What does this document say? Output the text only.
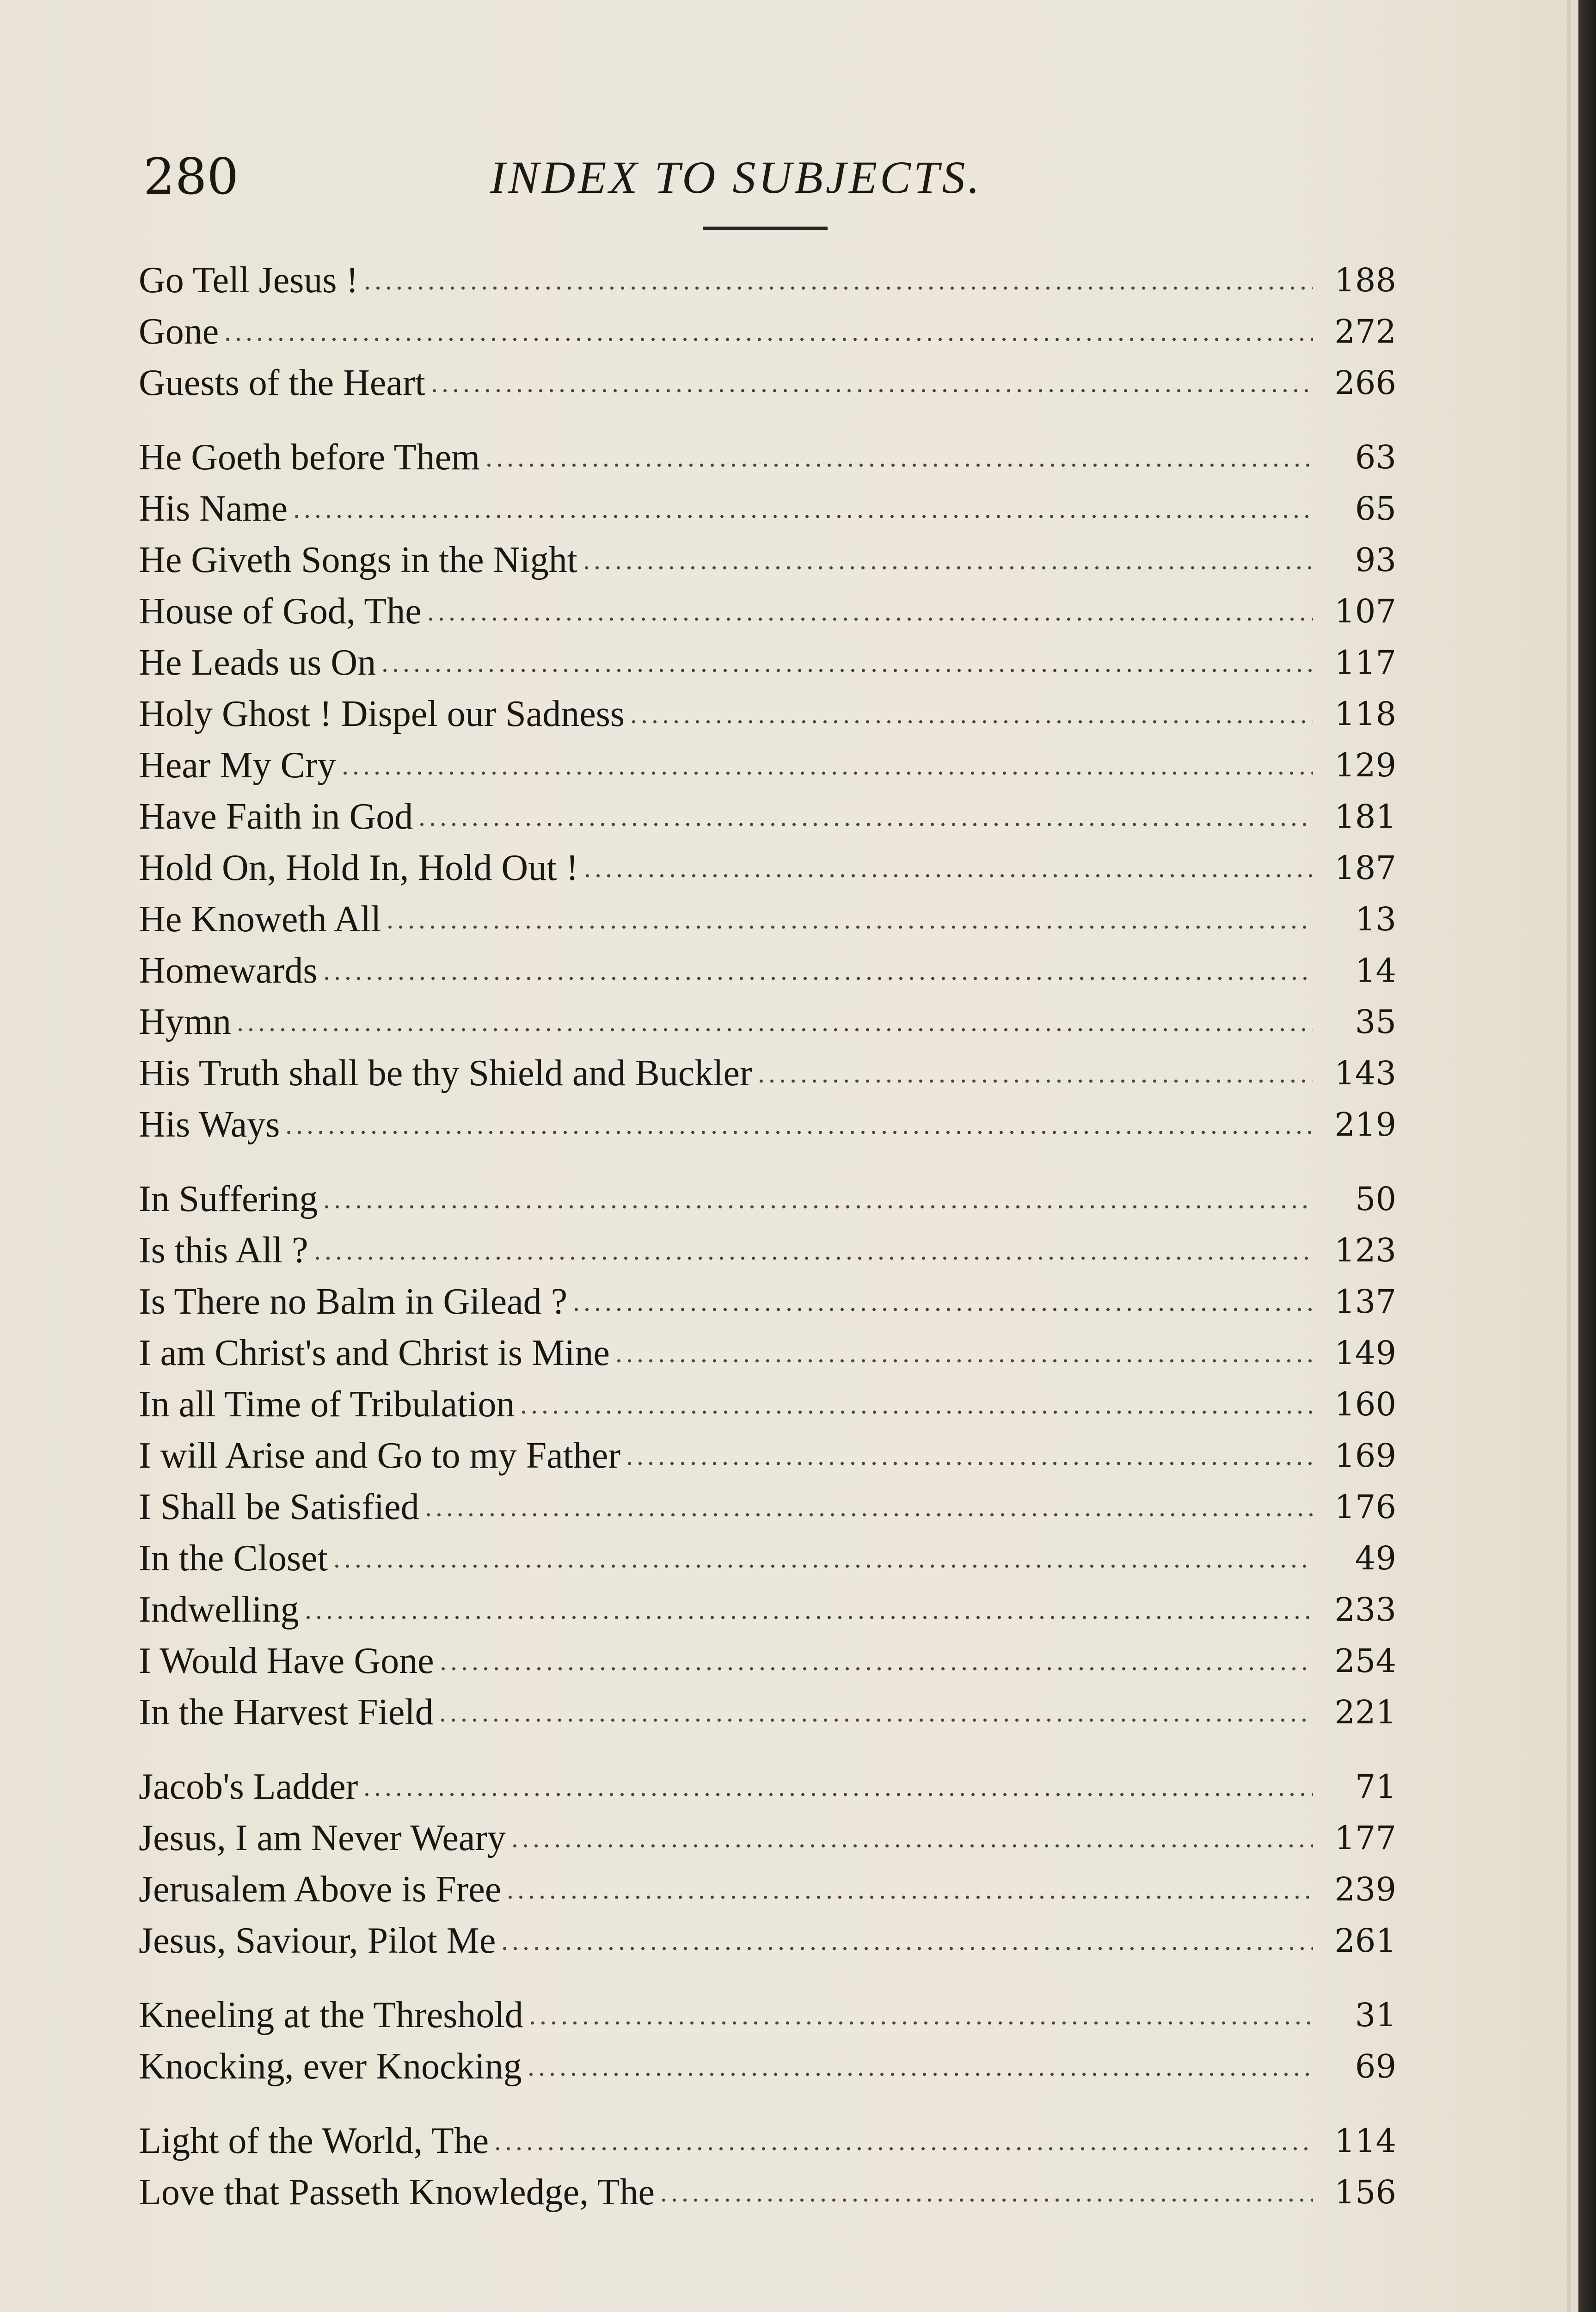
280	INDEX TO SUBJECTS.
Go Tell Jesus !	188
Gone	272
Guests of the Heart	266
He Goeth before Them	63
His Name	65
He Giveth Songs in the Night	93
House of God, The	107
He Leads us On	117
Holy Ghost ! Dispel our Sadness	118
Hear My Cry	129
Have Faith in God	181
Hold On, Hold In, Hold Out !	187
He Knoweth All	13
Homewards	14
Hymn	35
His Truth shall be thy Shield and Buckler	143
His Ways	219
In Suffering	50
Is this All ?	123
Is There no Balm in Gilead ?	137
I am Christ's and Christ is Mine	149
In all Time of Tribulation	160
I will Arise and Go to my Father	169
I Shall be Satisfied	176
In the Closet	49
Indwelling	233
I Would Have Gone	254
In the Harvest Field	221
Jacob's Ladder	71
Jesus, I am Never Weary	177
Jerusalem Above is Free	239
Jesus, Saviour, Pilot Me	261
Kneeling at the Threshold	31
Knocking, ever Knocking	69
Light of the World, The	114
Love that Passeth Knowledge, The	156
